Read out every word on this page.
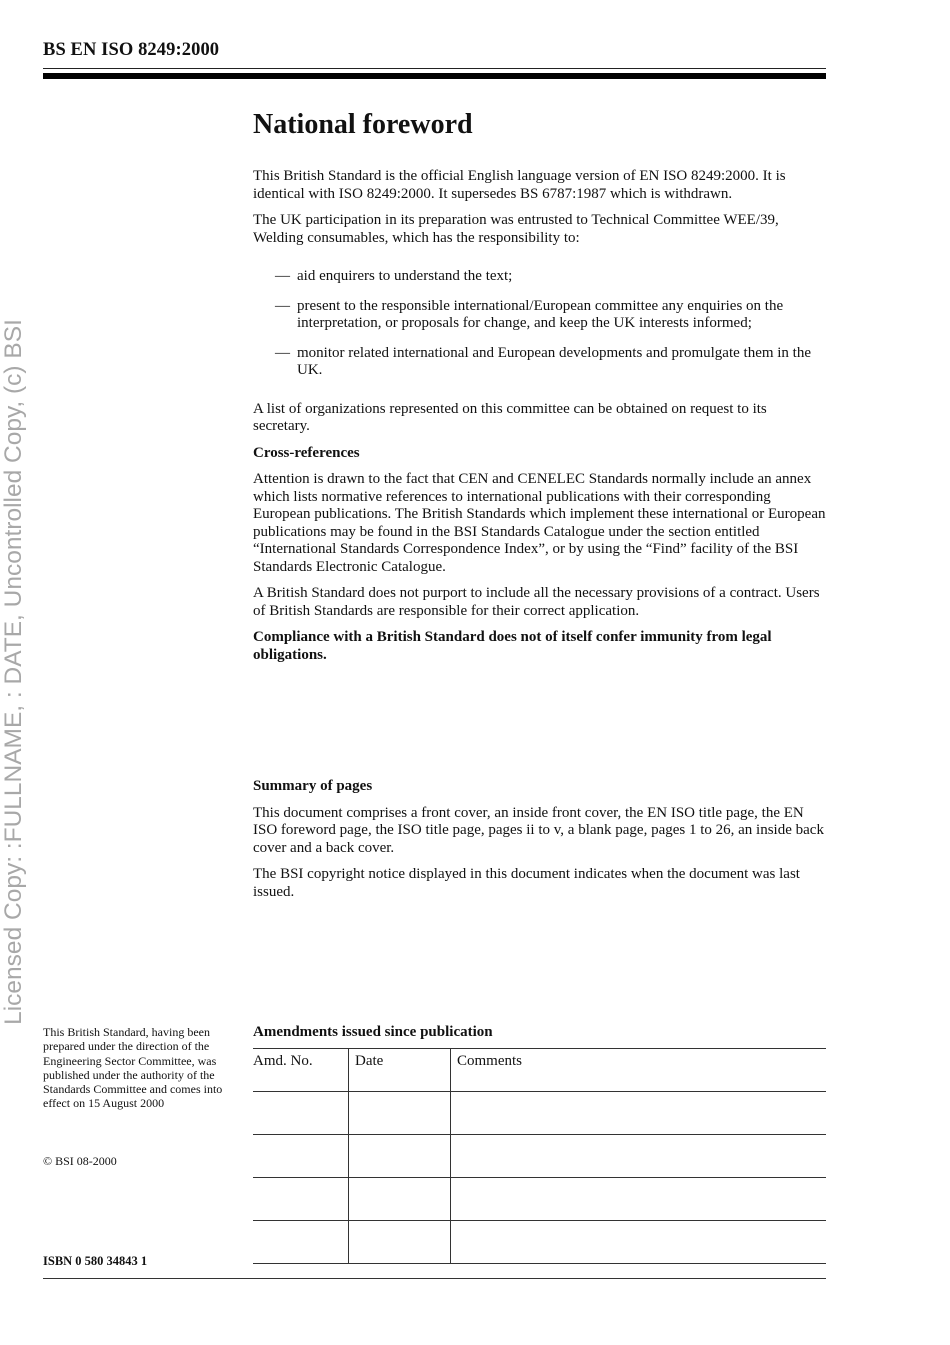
BS EN ISO 8249:2000
Licensed Copy: :FULLNAME, : DATE, Uncontrolled Copy, (c) BSI
National foreword

This British Standard is the official English language version of EN ISO 8249:2000. It is identical with ISO 8249:2000. It supersedes BS 6787:1987 which is withdrawn.

The UK participation in its preparation was entrusted to Technical Committee WEE/39, Welding consumables, which has the responsibility to:

— aid enquirers to understand the text;
— present to the responsible international/European committee any enquiries on the interpretation, or proposals for change, and keep the UK interests informed;
— monitor related international and European developments and promulgate them in the UK.

A list of organizations represented on this committee can be obtained on request to its secretary.

Cross-references

Attention is drawn to the fact that CEN and CENELEC Standards normally include an annex which lists normative references to international publications with their corresponding European publications. The British Standards which implement these international or European publications may be found in the BSI Standards Catalogue under the section entitled “International Standards Correspondence Index”, or by using the “Find” facility of the BSI Standards Electronic Catalogue.

A British Standard does not purport to include all the necessary provisions of a contract. Users of British Standards are responsible for their correct application.

Compliance with a British Standard does not of itself confer immunity from legal obligations.

Summary of pages

This document comprises a front cover, an inside front cover, the EN ISO title page, the EN ISO foreword page, the ISO title page, pages ii to v, a blank page, pages 1 to 26, an inside back cover and a back cover.

The BSI copyright notice displayed in this document indicates when the document was last issued.

This British Standard, having been prepared under the direction of the Engineering Sector Committee, was published under the authority of the Standards Committee and comes into effect on 15 August 2000
© BSI 08-2000
ISBN 0 580 34843 1
Amendments issued since publication
Amd. No.	Date	Comments
